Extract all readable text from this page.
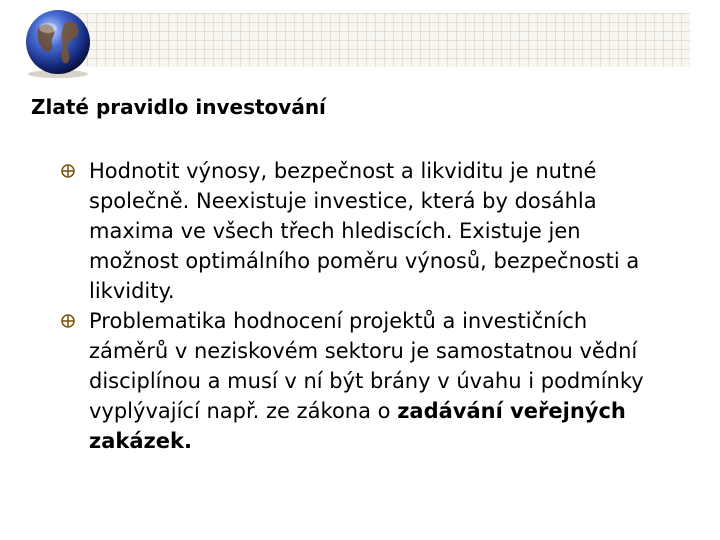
Zlaté pravidlo investování
Hodnotit výnosy, bezpečnost a likviditu je nutné společně. Neexistuje investice, která by dosáhla maxima ve všech třech hlediscích. Existuje jen možnost optimálního poměru výnosů, bezpečnosti a likvidity.
Problematika hodnocení projektů a investičních záměrů v neziskovém sektoru je samostatnou vědní disciplínou a musí v ní být brány v úvahu i podmínky vyplývající např. ze zákona o zadávání veřejných zakázek.
